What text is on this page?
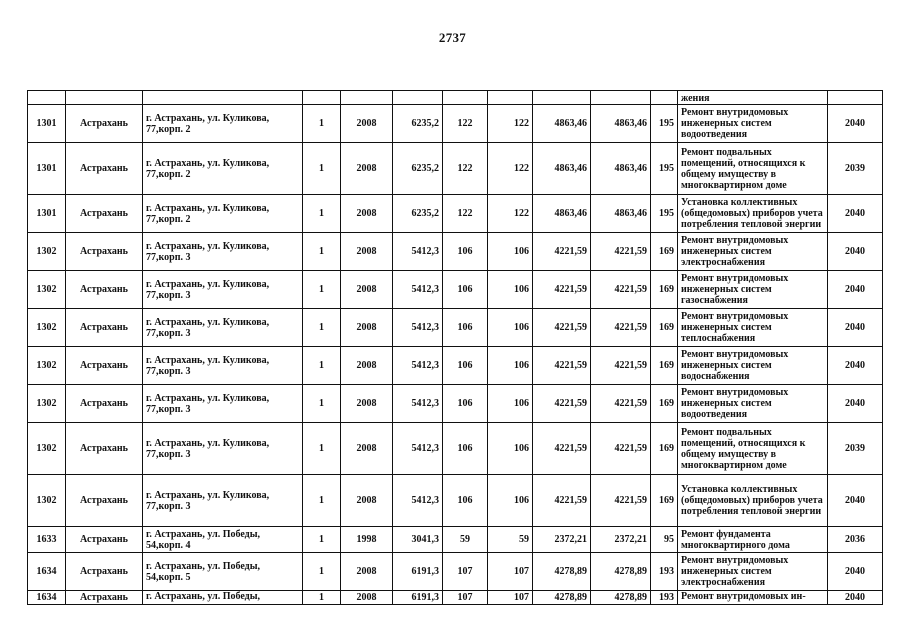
2737
											жения	
1301	Астрахань	г. Астрахань, ул. Куликова, 77,корп. 2	1	2008	6235,2	122	122	4863,46	4863,46	195	Ремонт внутридомовых инженерных систем водоотведения	2040
1301	Астрахань	г. Астрахань, ул. Куликова, 77,корп. 2	1	2008	6235,2	122	122	4863,46	4863,46	195	Ремонт подвальных помещений, относящихся к общему имуществу в многоквартирном доме	2039
1301	Астрахань	г. Астрахань, ул. Куликова, 77,корп. 2	1	2008	6235,2	122	122	4863,46	4863,46	195	Установка коллективных (общедомовых) приборов учета потребления тепловой энергии	2040
1302	Астрахань	г. Астрахань, ул. Куликова, 77,корп. 3	1	2008	5412,3	106	106	4221,59	4221,59	169	Ремонт внутридомовых инженерных систем электроснабжения	2040
1302	Астрахань	г. Астрахань, ул. Куликова, 77,корп. 3	1	2008	5412,3	106	106	4221,59	4221,59	169	Ремонт внутридомовых инженерных систем газоснабжения	2040
1302	Астрахань	г. Астрахань, ул. Куликова, 77,корп. 3	1	2008	5412,3	106	106	4221,59	4221,59	169	Ремонт внутридомовых инженерных систем теплоснабжения	2040
1302	Астрахань	г. Астрахань, ул. Куликова, 77,корп. 3	1	2008	5412,3	106	106	4221,59	4221,59	169	Ремонт внутридомовых инженерных систем водоснабжения	2040
1302	Астрахань	г. Астрахань, ул. Куликова, 77,корп. 3	1	2008	5412,3	106	106	4221,59	4221,59	169	Ремонт внутридомовых инженерных систем водоотведения	2040
1302	Астрахань	г. Астрахань, ул. Куликова, 77,корп. 3	1	2008	5412,3	106	106	4221,59	4221,59	169	Ремонт подвальных помещений, относящихся к общему имуществу в многоквартирном доме	2039
1302	Астрахань	г. Астрахань, ул. Куликова, 77,корп. 3	1	2008	5412,3	106	106	4221,59	4221,59	169	Установка коллективных (общедомовых) приборов учета потребления тепловой энергии	2040
1633	Астрахань	г. Астрахань, ул. Победы, 54,корп. 4	1	1998	3041,3	59	59	2372,21	2372,21	95	Ремонт фундамента многоквартирного дома	2036
1634	Астрахань	г. Астрахань, ул. Победы, 54,корп. 5	1	2008	6191,3	107	107	4278,89	4278,89	193	Ремонт внутридомовых инженерных систем электроснабжения	2040
1634	Астрахань	г. Астрахань, ул. Победы,	1	2008	6191,3	107	107	4278,89	4278,89	193	Ремонт внутридомовых ин-	2040
